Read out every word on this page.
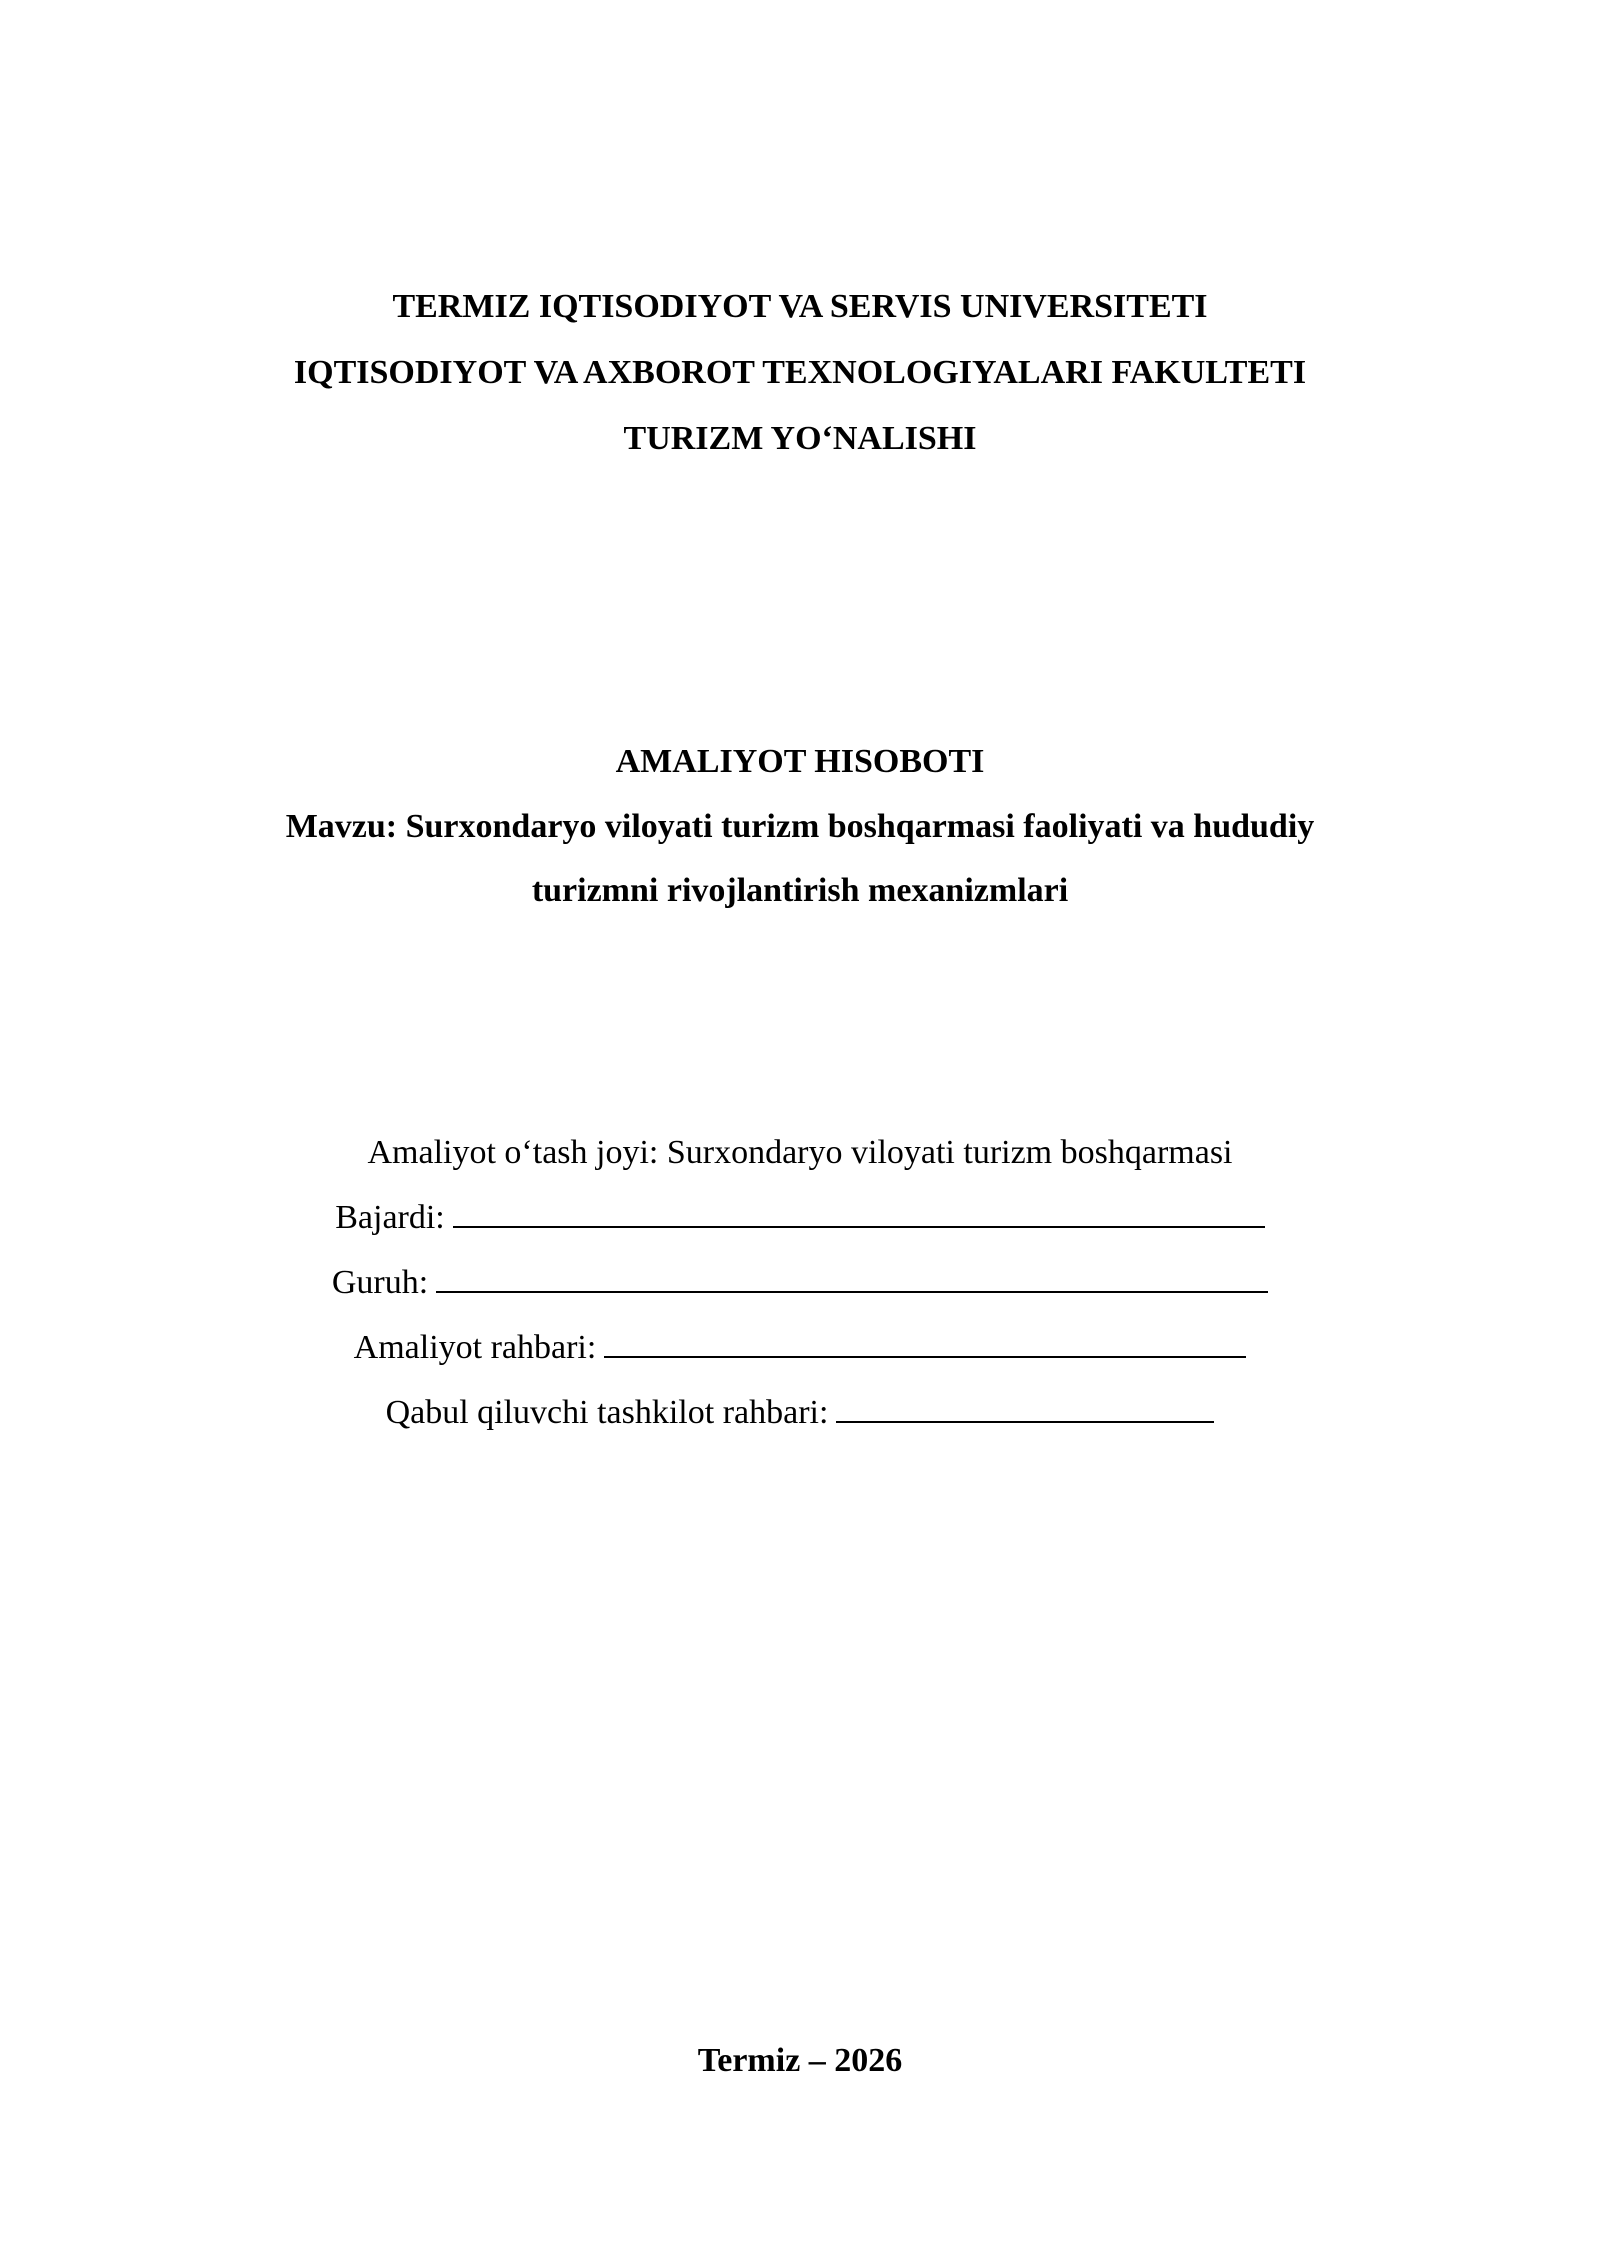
TERMIZ IQTISODIYOT VA SERVIS UNIVERSITETI
IQTISODIYOT VA AXBOROT TEXNOLOGIYALARI FAKULTETI
TURIZM YO‘NALISHI
AMALIYOT HISOBOTI
Mavzu: Surxondaryo viloyati turizm boshqarmasi faoliyati va hududiy turizmni rivojlantirish mexanizmlari
Amaliyot o‘tash joyi: Surxondaryo viloyati turizm boshqarmasi
Bajardi:
Guruh:
Amaliyot rahbari:
Qabul qiluvchi tashkilot rahbari:
Termiz – 2026
